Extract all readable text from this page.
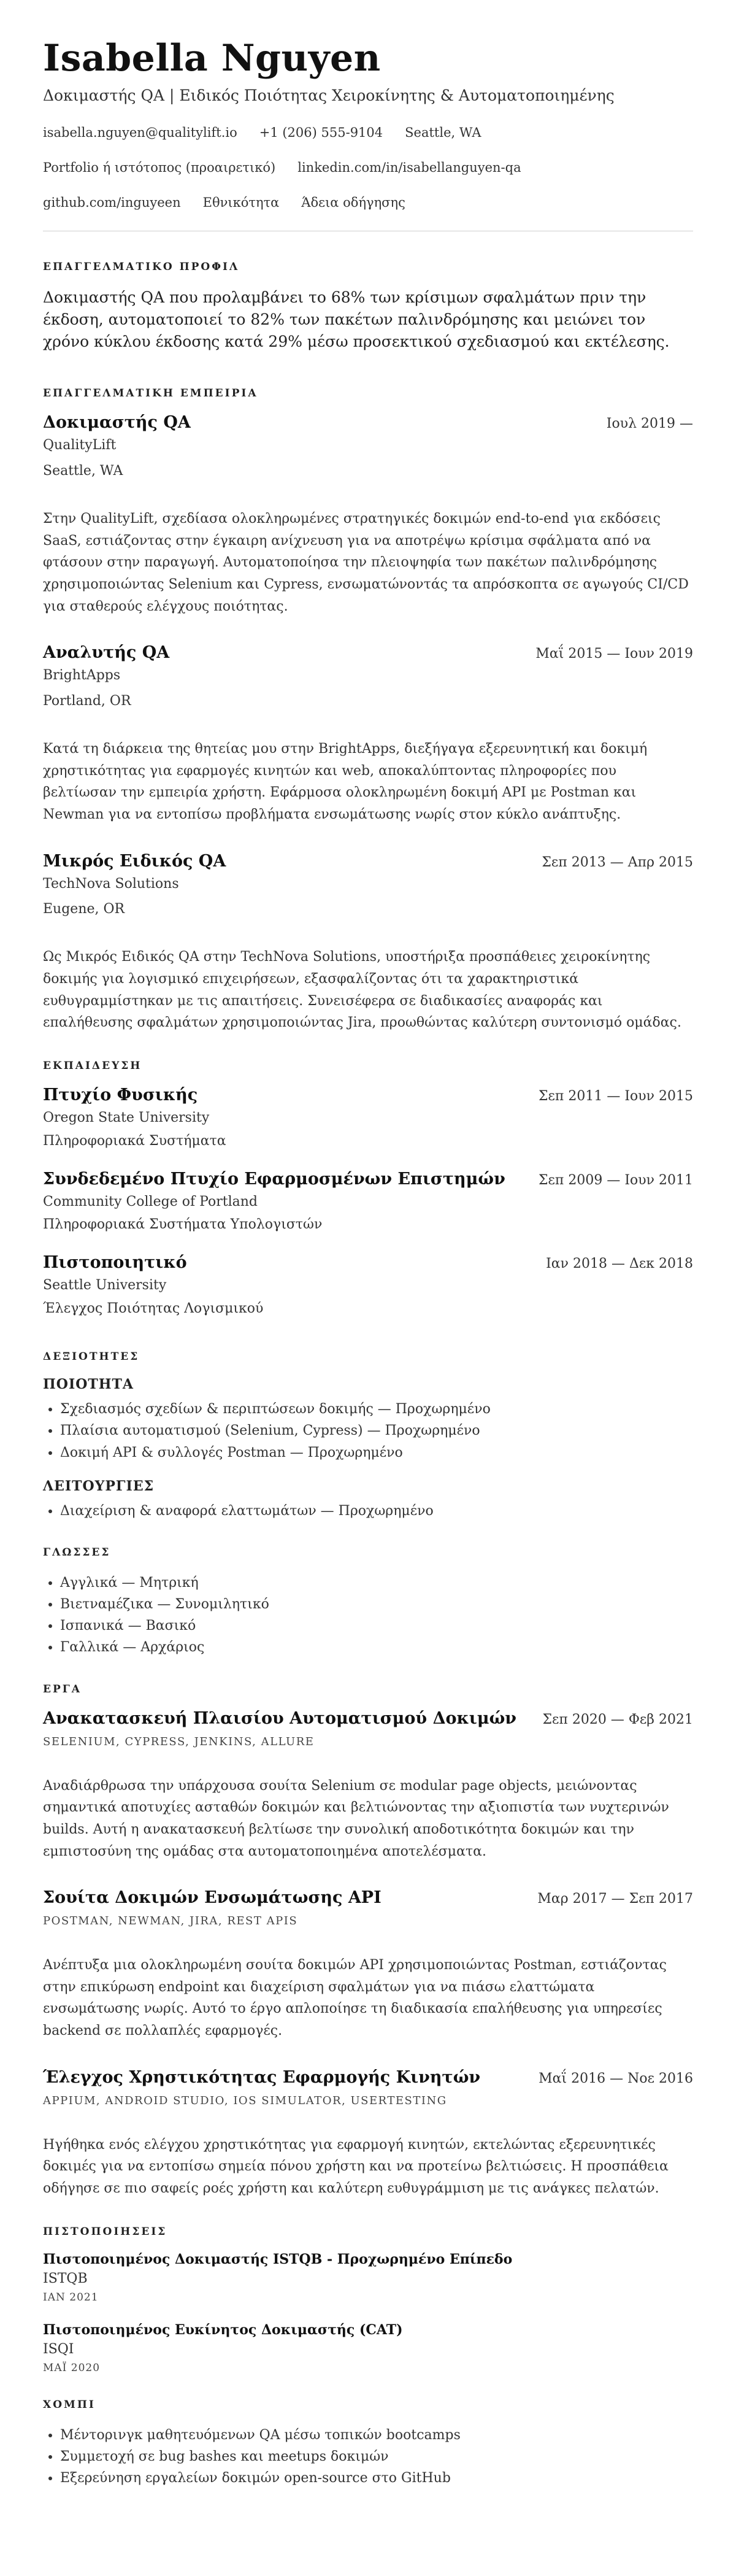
Isabella Nguyen
Δοκιμαστής QA | Ειδικός Ποιότητας Χειροκίνητης & Αυτοματοποιημένης
isabella.nguyen@qualitylift.io +1 (206) 555-9104 Seattle, WA
Portfolio ή ιστότοπος (προαιρετικό) linkedin.com/in/isabellanguyen-qa
github.com/inguyeen Εθνικότητα Άδεια οδήγησης
ΕΠΑΓΓΕΛΜΑΤΙΚΟ ΠΡΟΦΙΛ
Δοκιμαστής QA που προλαμβάνει το 68% των κρίσιμων σφαλμάτων πριν την έκδοση, αυτοματοποιεί το 82% των πακέτων παλινδρόμησης και μειώνει τον χρόνο κύκλου έκδοσης κατά 29% μέσω προσεκτικού σχεδιασμού και εκτέλεσης.
ΕΠΑΓΓΕΛΜΑΤΙΚΗ ΕΜΠΕΙΡΙΑ
Δοκιμαστής QA	Ιουλ 2019 —
QualityLift
Seattle, WA
Στην QualityLift, σχεδίασα ολοκληρωμένες στρατηγικές δοκιμών end-to-end για εκδόσεις SaaS, εστιάζοντας στην έγκαιρη ανίχνευση για να αποτρέψω κρίσιμα σφάλματα από να φτάσουν στην παραγωγή. Αυτοματοποίησα την πλειοψηφία των πακέτων παλινδρόμησης χρησιμοποιώντας Selenium και Cypress, ενσωματώνοντάς τα απρόσκοπτα σε αγωγούς CI/CD για σταθερούς ελέγχους ποιότητας.
Αναλυτής QA	Μαΐ 2015 — Ιουν 2019
BrightApps
Portland, OR
Κατά τη διάρκεια της θητείας μου στην BrightApps, διεξήγαγα εξερευνητική και δοκιμή χρηστικότητας για εφαρμογές κινητών και web, αποκαλύπτοντας πληροφορίες που βελτίωσαν την εμπειρία χρήστη. Εφάρμοσα ολοκληρωμένη δοκιμή API με Postman και Newman για να εντοπίσω προβλήματα ενσωμάτωσης νωρίς στον κύκλο ανάπτυξης.
Μικρός Ειδικός QA	Σεπ 2013 — Απρ 2015
TechNova Solutions
Eugene, OR
Ως Μικρός Ειδικός QA στην TechNova Solutions, υποστήριξα προσπάθειες χειροκίνητης δοκιμής για λογισμικό επιχειρήσεων, εξασφαλίζοντας ότι τα χαρακτηριστικά ευθυγραμμίστηκαν με τις απαιτήσεις. Συνεισέφερα σε διαδικασίες αναφοράς και επαλήθευσης σφαλμάτων χρησιμοποιώντας Jira, προωθώντας καλύτερη συντονισμό ομάδας.
ΕΚΠΑΙΔΕΥΣΗ
Πτυχίο Φυσικής	Σεπ 2011 — Ιουν 2015
Oregon State University
Πληροφοριακά Συστήματα
Συνδεδεμένο Πτυχίο Εφαρμοσμένων Επιστημών Σεπ 2009 — Ιουν 2011
Community College of Portland
Πληροφοριακά Συστήματα Υπολογιστών
Πιστοποιητικό	Ιαν 2018 — Δεκ 2018
Seattle University
Έλεγχος Ποιότητας Λογισμικού
ΔΕΞΙΟΤΗΤΕΣ
ΠΟΙΟΤΗΤΑ
• Σχεδιασμός σχεδίων & περιπτώσεων δοκιμής — Προχωρημένο
• Πλαίσια αυτοματισμού (Selenium, Cypress) — Προχωρημένο
• Δοκιμή API & συλλογές Postman — Προχωρημένο
ΛΕΙΤΟΥΡΓΙΕΣ
• Διαχείριση & αναφορά ελαττωμάτων — Προχωρημένο
ΓΛΩΣΣΕΣ
• Αγγλικά — Μητρική
• Βιετναμέζικα — Συνομιλητικό
• Ισπανικά — Βασικό
• Γαλλικά — Αρχάριος
ΕΡΓΑ
Ανακατασκευή Πλαισίου Αυτοματισμού Δοκιμών Σεπ 2020 — Φεβ 2021
SELENIUM, CYPRESS, JENKINS, ALLURE
Αναδιάρθρωσα την υπάρχουσα σουίτα Selenium σε modular page objects, μειώνοντας σημαντικά αποτυχίες ασταθών δοκιμών και βελτιώνοντας την αξιοπιστία των νυχτερινών builds. Αυτή η ανακατασκευή βελτίωσε την συνολική αποδοτικότητα δοκιμών και την εμπιστοσύνη της ομάδας στα αυτοματοποιημένα αποτελέσματα.
Σουίτα Δοκιμών Ενσωμάτωσης API	Μαρ 2017 — Σεπ 2017
POSTMAN, NEWMAN, JIRA, REST APIS
Ανέπτυξα μια ολοκληρωμένη σουίτα δοκιμών API χρησιμοποιώντας Postman, εστιάζοντας στην επικύρωση endpoint και διαχείριση σφαλμάτων για να πιάσω ελαττώματα ενσωμάτωσης νωρίς. Αυτό το έργο απλοποίησε τη διαδικασία επαλήθευσης για υπηρεσίες backend σε πολλαπλές εφαρμογές.
Έλεγχος Χρηστικότητας Εφαρμογής Κινητών	Μαΐ 2016 — Νοε 2016
APPIUM, ANDROID STUDIO, IOS SIMULATOR, USERTESTING
Ηγήθηκα ενός ελέγχου χρηστικότητας για εφαρμογή κινητών, εκτελώντας εξερευνητικές δοκιμές για να εντοπίσω σημεία πόνου χρήστη και να προτείνω βελτιώσεις. Η προσπάθεια οδήγησε σε πιο σαφείς ροές χρήστη και καλύτερη ευθυγράμμιση με τις ανάγκες πελατών.
ΠΙΣΤΟΠΟΙΗΣΕΙΣ
Πιστοποιημένος Δοκιμαστής ISTQB - Προχωρημένο Επίπεδο
ISTQB
ΙΑΝ 2021
Πιστοποιημένος Ευκίνητος Δοκιμαστής (CAT)
ISQI
ΜΑΪ 2020
ΧΟΜΠΙ
• Μέντορινγκ μαθητευόμενων QA μέσω τοπικών bootcamps
• Συμμετοχή σε bug bashes και meetups δοκιμών
• Εξερεύνηση εργαλείων δοκιμών open-source στο GitHub
